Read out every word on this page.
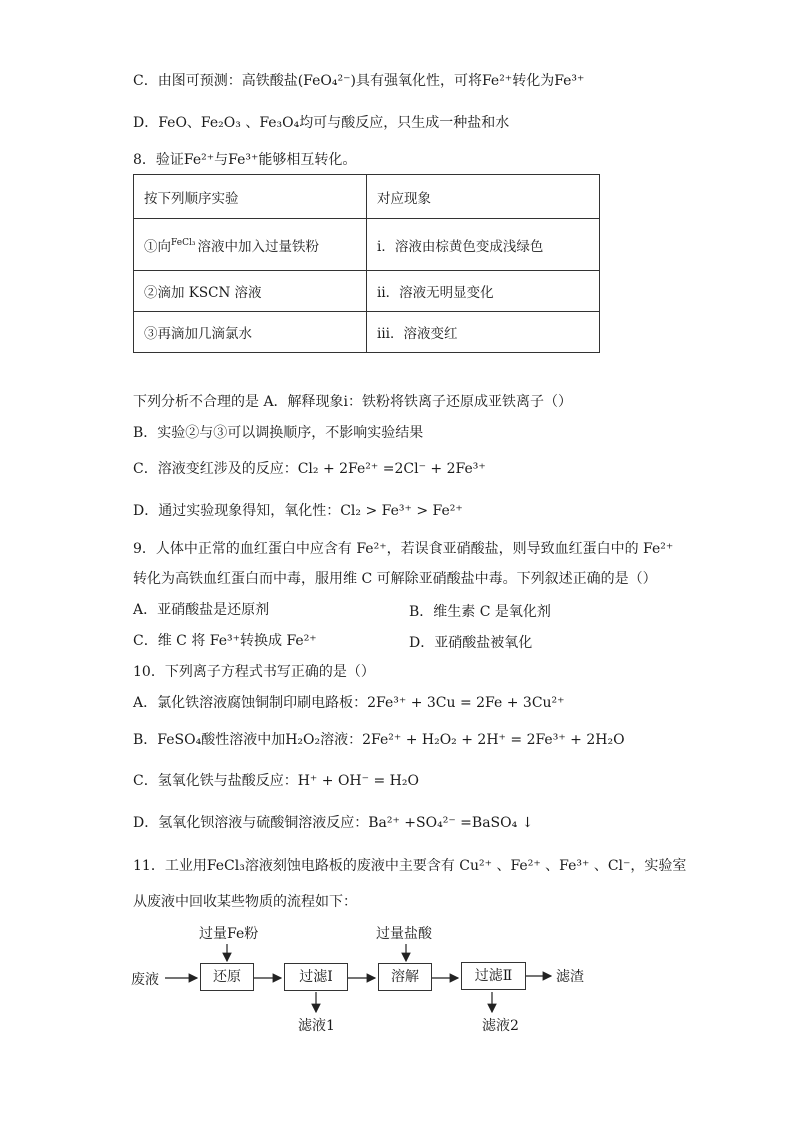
C．由图可预测：高铁酸盐(FeO₄²⁻)具有强氧化性，可将Fe²⁺转化为Fe³⁺
D．FeO、Fe₂O₃ 、Fe₃O₄均可与酸反应，只生成一种盐和水
8．验证Fe²⁺与Fe³⁺能够相互转化。
按下列顺序实验	对应现象
①向$^{FeCl_3}$ 溶液中加入过量铁粉	ⅰ．溶液由棕黄色变成浅绿色
②滴加 KSCN 溶液	ⅱ．溶液无明显变化
③再滴加几滴氯水	ⅲ．溶液变红
下列分析不合理的是 A．解释现象ⅰ：铁粉将铁离子还原成亚铁离子（）
B．实验②与③可以调换顺序，不影响实验结果
C．溶液变红涉及的反应：Cl₂ + 2Fe²⁺ =2Cl⁻ + 2Fe³⁺
D．通过实验现象得知，氧化性：Cl₂ > Fe³⁺ > Fe²⁺
9．人体中正常的血红蛋白中应含有 Fe²⁺，若误食亚硝酸盐，则导致血红蛋白中的 Fe²⁺
转化为高铁血红蛋白而中毒，服用维 C 可解除亚硝酸盐中毒。下列叙述正确的是（）
A．亚硝酸盐是还原剂	B．维生素 C 是氧化剂
C．维 C 将 Fe³⁺转换成 Fe²⁺	D．亚硝酸盐被氧化
10．下列离子方程式书写正确的是（）
A．氯化铁溶液腐蚀铜制印刷电路板：2Fe³⁺ + 3Cu = 2Fe + 3Cu²⁺
B．FeSO₄酸性溶液中加H₂O₂溶液：2Fe²⁺ + H₂O₂ + 2H⁺ = 2Fe³⁺ + 2H₂O
C．氢氧化铁与盐酸反应：H⁺ + OH⁻ = H₂O
D．氢氧化钡溶液与硫酸铜溶液反应：Ba²⁺ +SO₄²⁻ =BaSO₄ ↓
11．工业用FeCl₃溶液刻蚀电路板的废液中主要含有 Cu²⁺ 、Fe²⁺ 、Fe³⁺ 、Cl⁻，实验室
从废液中回收某些物质的流程如下：
废液
过量Fe粉
还原	过滤Ⅰ
滤液1
过量盐酸
溶解	过滤Ⅱ
滤液2
滤渣
